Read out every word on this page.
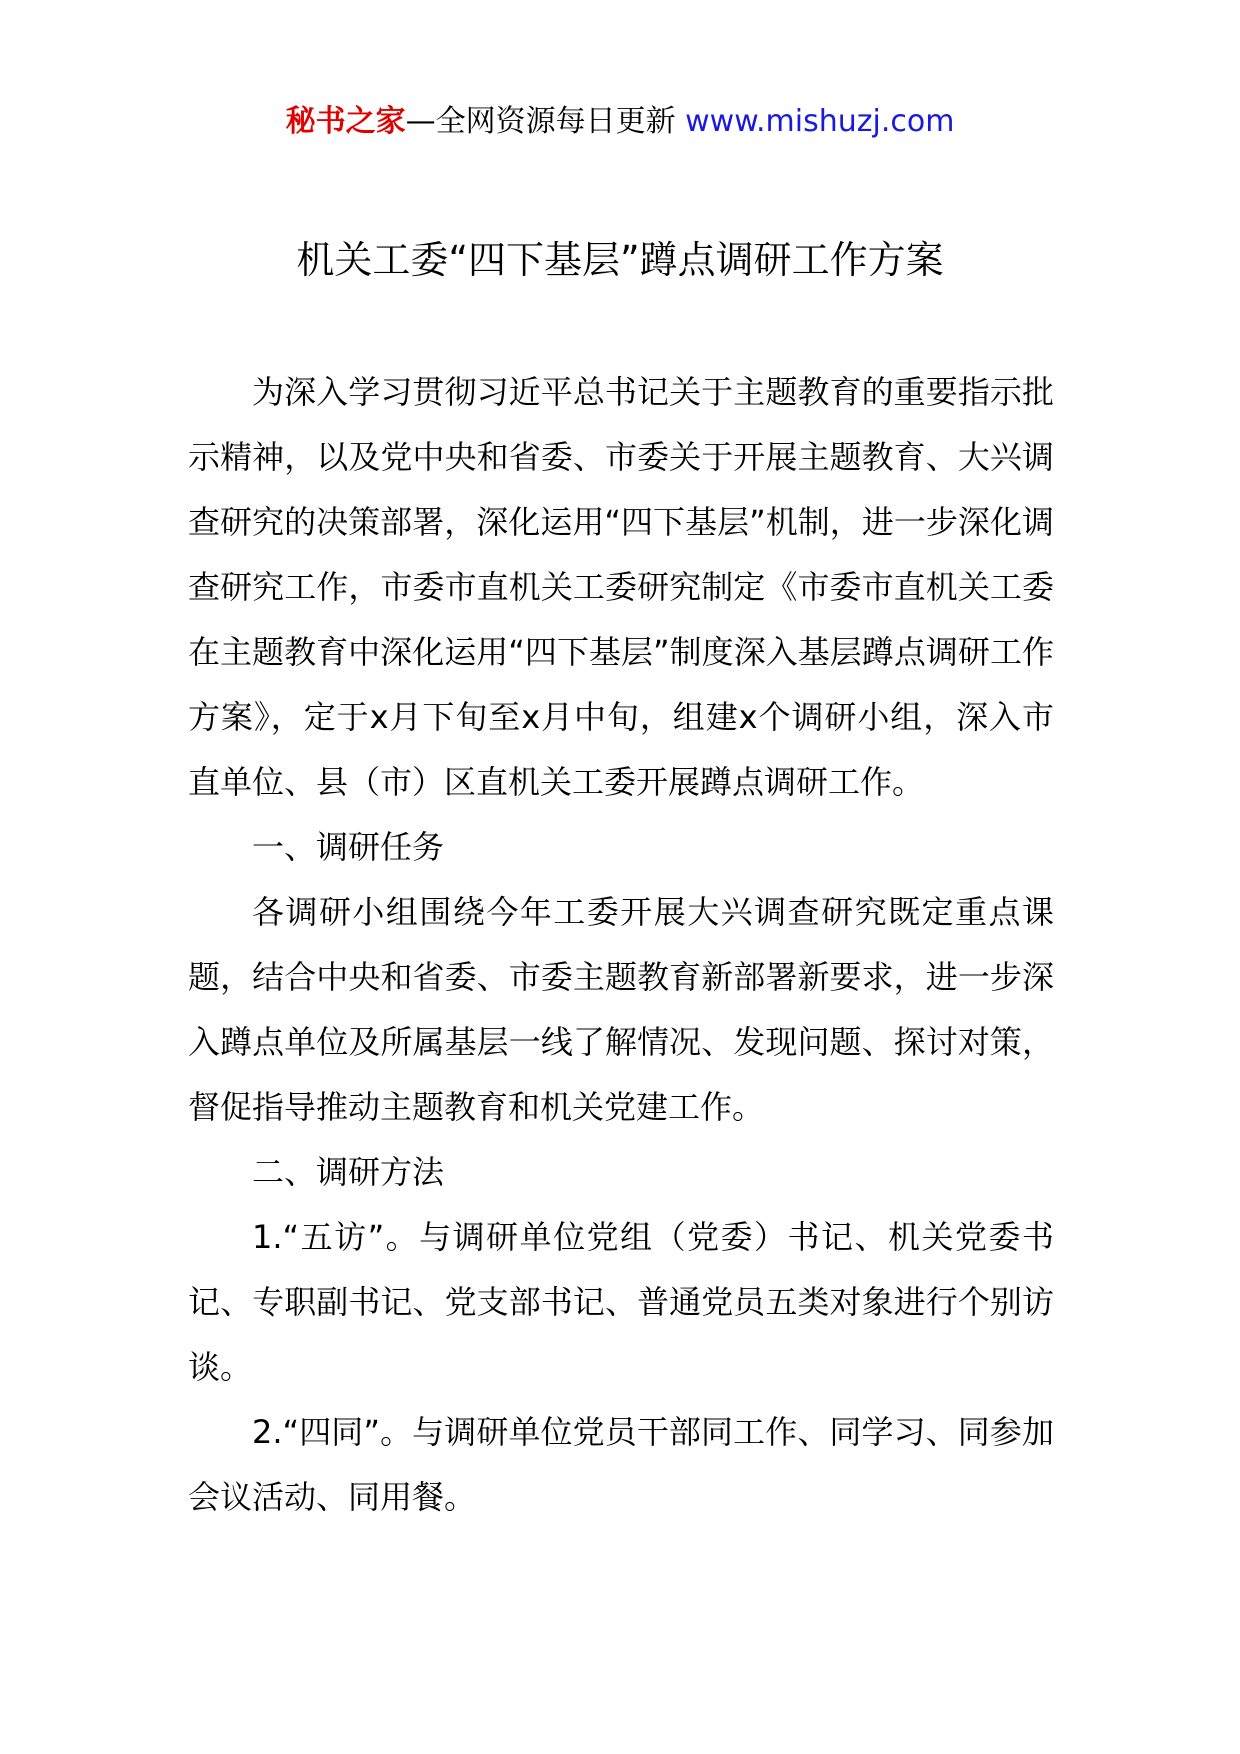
秘书之家—全网资源每日更新 www.mishuzj.com
机关工委“四下基层”蹲点调研工作方案

为深入学习贯彻习近平总书记关于主题教育的重要指示批示精神，以及党中央和省委、市委关于开展主题教育、大兴调查研究的决策部署，深化运用“四下基层”机制，进一步深化调查研究工作，市委市直机关工委研究制定《市委市直机关工委在主题教育中深化运用“四下基层”制度深入基层蹲点调研工作方案》，定于x月下旬至x月中旬，组建x个调研小组，深入市直单位、县（市）区直机关工委开展蹲点调研工作。

一、调研任务

各调研小组围绕今年工委开展大兴调查研究既定重点课题，结合中央和省委、市委主题教育新部署新要求，进一步深入蹲点单位及所属基层一线了解情况、发现问题、探讨对策，督促指导推动主题教育和机关党建工作。

二、调研方法

1.“五访”。与调研单位党组（党委）书记、机关党委书记、专职副书记、党支部书记、普通党员五类对象进行个别访谈。

2.“四同”。与调研单位党员干部同工作、同学习、同参加会议活动、同用餐。
